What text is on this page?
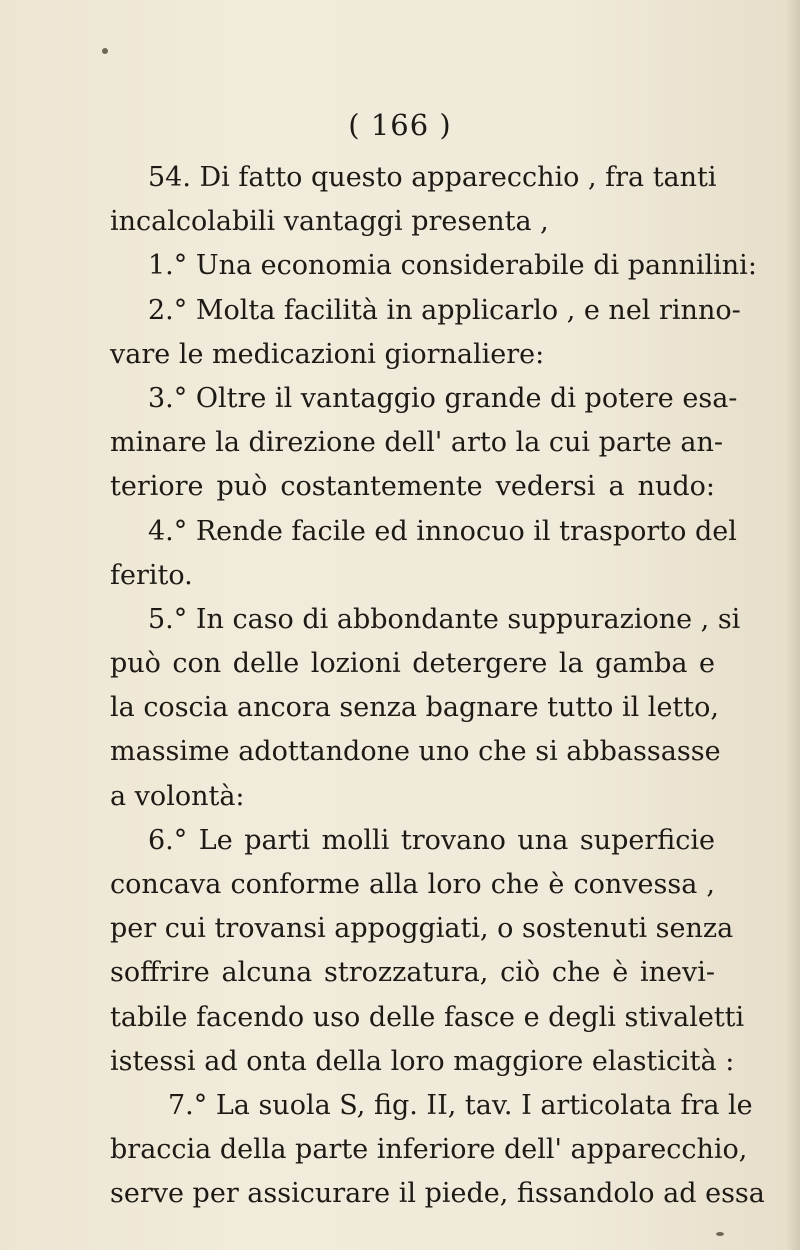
( 166 )
54. Di fatto questo apparecchio , fra tanti
incalcolabili vantaggi presenta ,
1.° Una economia considerabile di pannilini:
2.° Molta facilità in applicarlo , e nel rinno-
vare le medicazioni giornaliere:
3.° Oltre il vantaggio grande di potere esa-
minare la direzione dell' arto la cui parte an-
teriore può costantemente vedersi a nudo:
4.° Rende facile ed innocuo il trasporto del
ferito.
5.° In caso di abbondante suppurazione , si
può con delle lozioni detergere la gamba e
la coscia ancora senza bagnare tutto il letto,
massime adottandone uno che si abbassasse
a volontà:
6.° Le parti molli trovano una superficie
concava conforme alla loro che è convessa ,
per cui trovansi appoggiati, o sostenuti senza
soffrire alcuna strozzatura, ciò che è inevi-
tabile facendo uso delle fasce e degli stivaletti
istessi ad onta della loro maggiore elasticità :
7.° La suola S, fig. II, tav. I articolata fra le
braccia della parte inferiore dell' apparecchio,
serve per assicurare il piede, fissandolo ad essa
